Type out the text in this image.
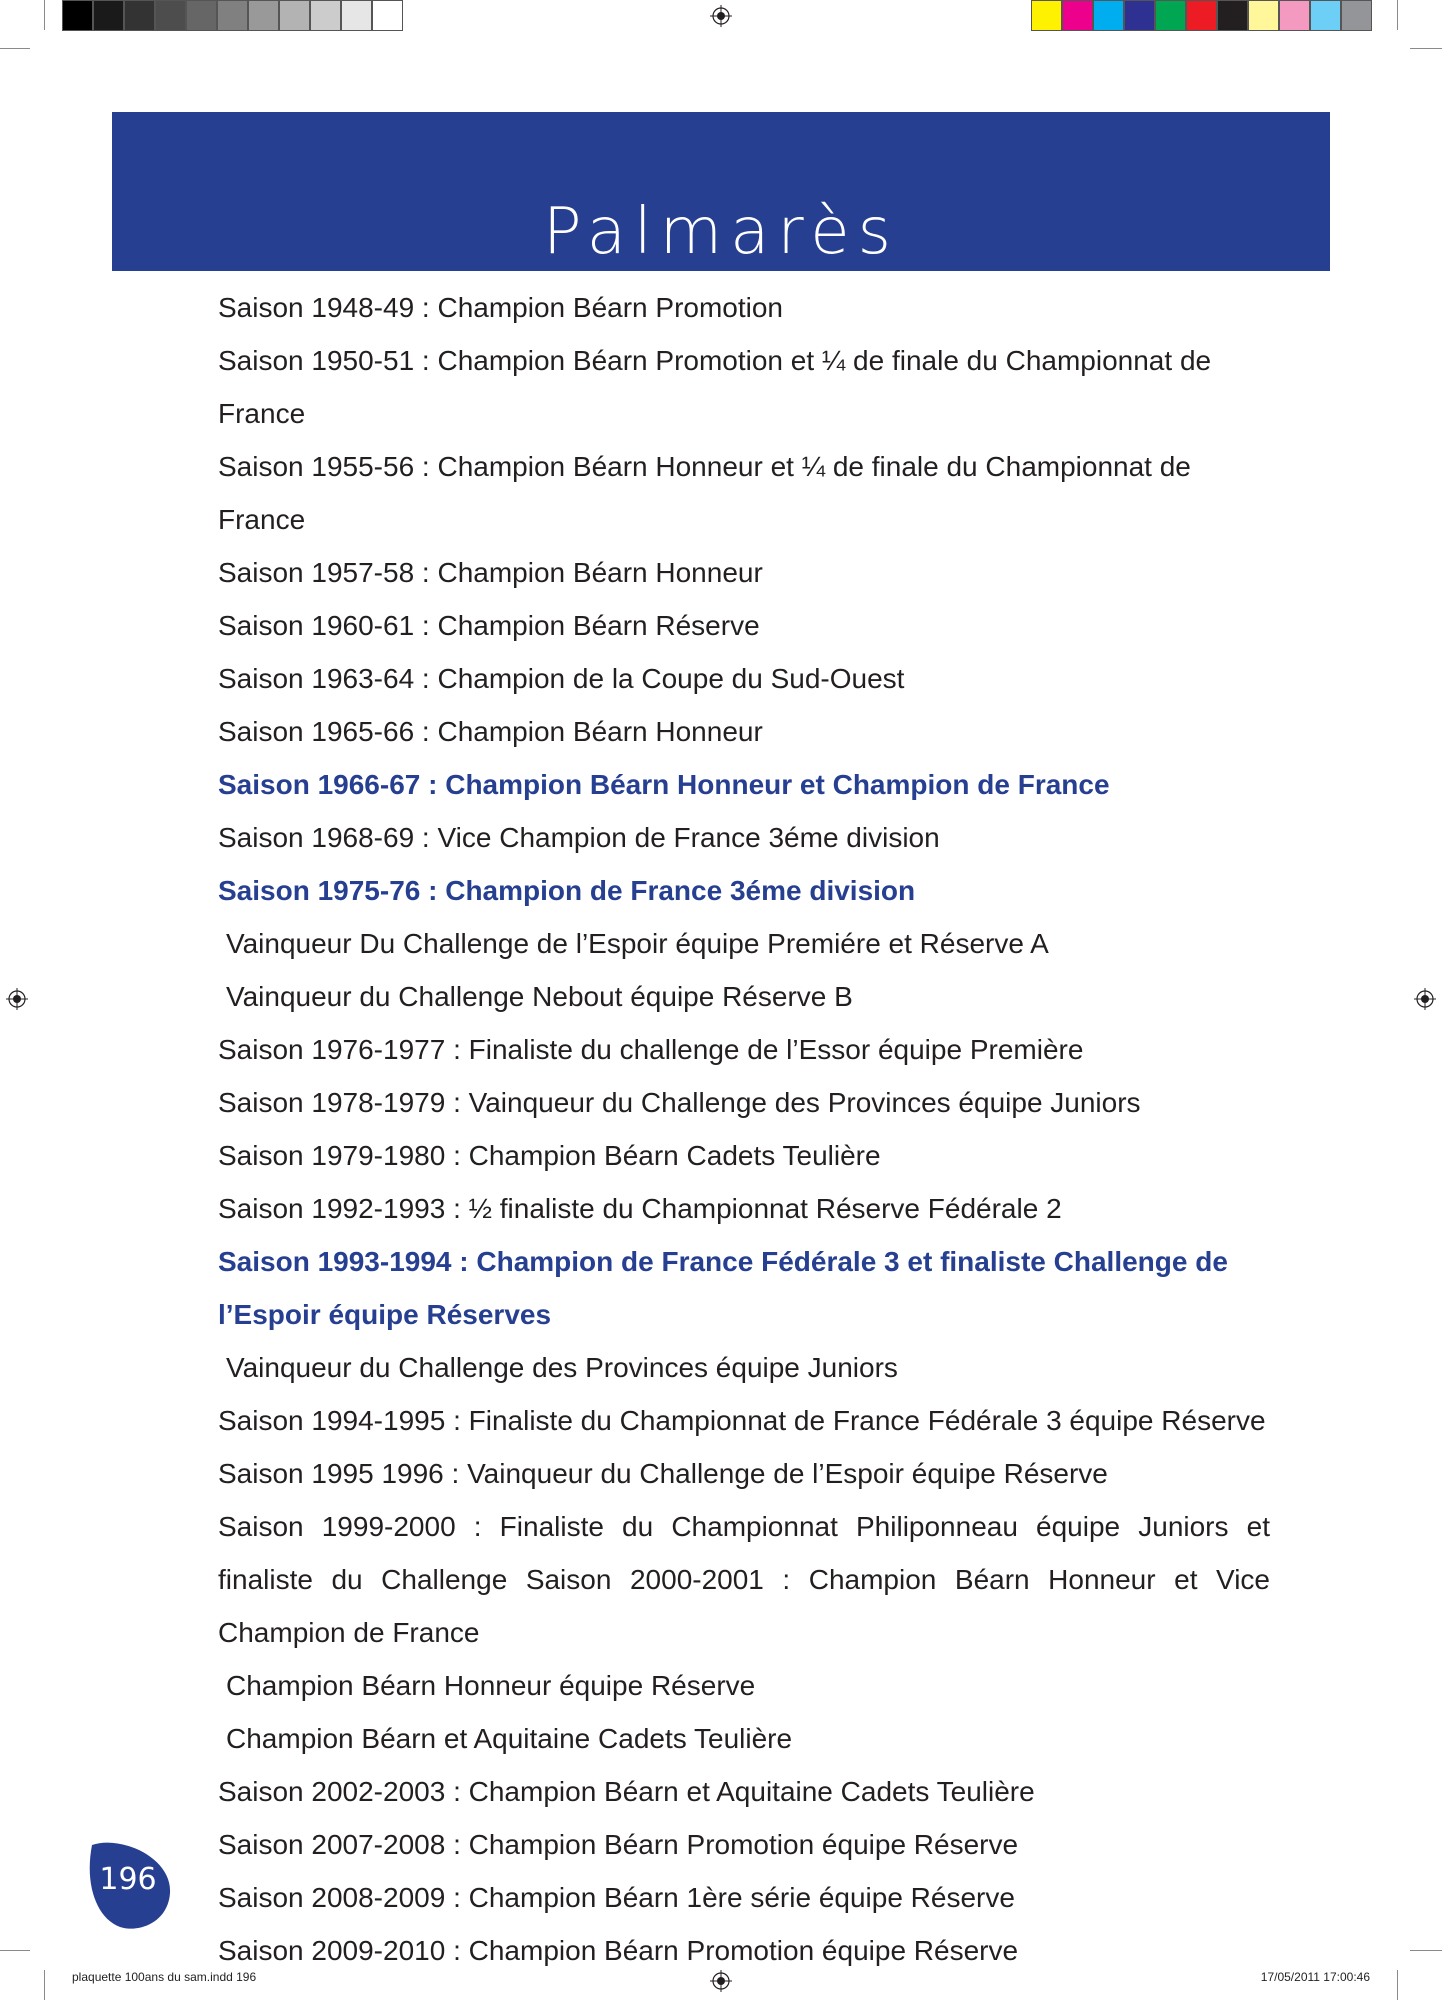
Palmarès
Saison 1948-49 : Champion Béarn Promotion
Saison 1950-51 : Champion Béarn Promotion et ¼ de finale du Championnat de
France
Saison 1955-56 : Champion Béarn Honneur et ¼ de finale du Championnat de
France
Saison 1957-58 : Champion Béarn Honneur
Saison 1960-61 : Champion Béarn Réserve
Saison 1963-64 : Champion de la Coupe du Sud-Ouest
Saison 1965-66 : Champion Béarn Honneur
Saison 1966-67 : Champion Béarn Honneur et Champion de France
Saison 1968-69 : Vice Champion de France 3éme division
Saison 1975-76 : Champion de France 3éme division
Vainqueur Du Challenge de l’Espoir équipe Premiére et Réserve A
Vainqueur du Challenge Nebout équipe Réserve B
Saison 1976-1977 : Finaliste du challenge de l’Essor équipe Première
Saison 1978-1979 : Vainqueur du Challenge des Provinces équipe Juniors
Saison 1979-1980 : Champion Béarn Cadets Teulière
Saison 1992-1993 : ½ finaliste du Championnat Réserve Fédérale 2
Saison 1993-1994 : Champion de France Fédérale 3 et finaliste Challenge de
l’Espoir équipe Réserves
Vainqueur du Challenge des Provinces équipe Juniors
Saison 1994-1995 : Finaliste du Championnat de France Fédérale 3 équipe Réserve
Saison 1995 1996 : Vainqueur du Challenge de l’Espoir équipe Réserve
Saison 1999-2000 : Finaliste du Championnat Philiponneau équipe Juniors et
finaliste du Challenge Saison 2000-2001 : Champion Béarn Honneur et Vice
Champion de France
Champion Béarn Honneur équipe Réserve
Champion Béarn et Aquitaine Cadets Teulière
Saison 2002-2003 : Champion Béarn et Aquitaine Cadets Teulière
Saison 2007-2008 : Champion Béarn Promotion équipe Réserve
Saison 2008-2009 : Champion Béarn 1ère série équipe Réserve
Saison 2009-2010 : Champion Béarn Promotion équipe Réserve
196
plaquette 100ans du sam.indd 196	17/05/2011 17:00:46
